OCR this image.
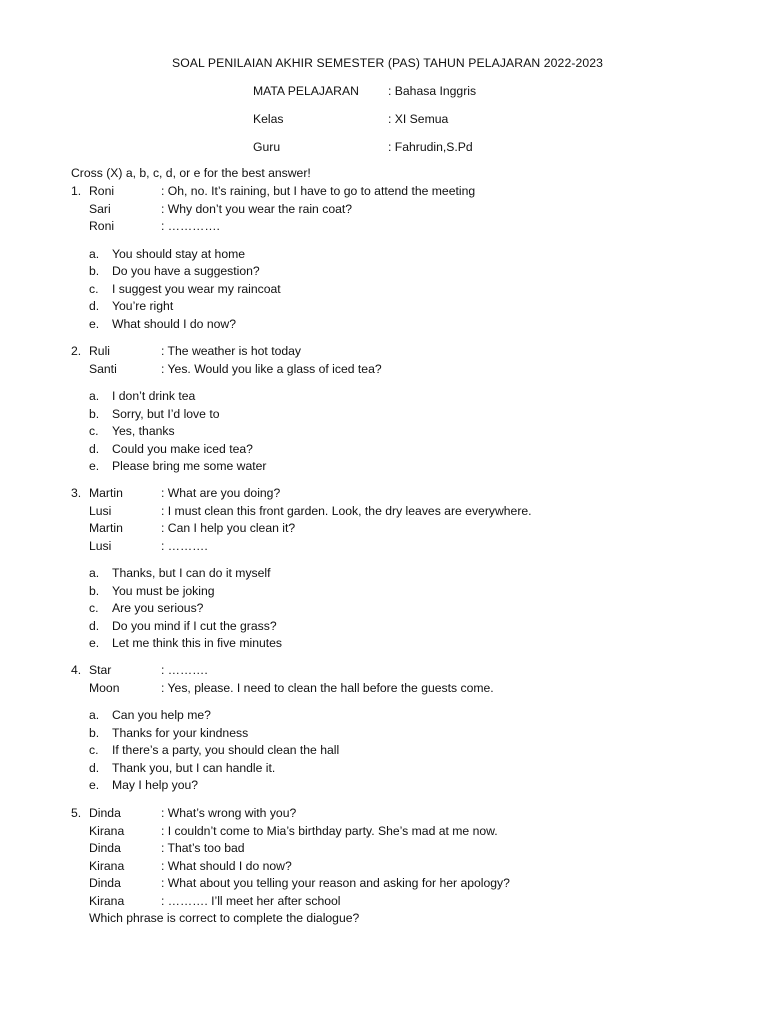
SOAL PENILAIAN AKHIR SEMESTER (PAS) TAHUN PELAJARAN 2022-2023
MATA PELAJARAN : Bahasa Inggris
Kelas	: XI Semua
Guru	: Fahrudin,S.Pd
Cross (X) a, b, c, d, or e for the best answer!
1. Roni	: Oh, no. It’s raining, but I have to go to attend the meeting
Sari	: Why don’t you wear the rain coat?
Roni	: ………….
a. You should stay at home
b. Do you have a suggestion?
c. I suggest you wear my raincoat
d. You’re right
e. What should I do now?
2. Ruli	: The weather is hot today
Santi	: Yes. Would you like a glass of iced tea?
a. I don’t drink tea
b. Sorry, but I’d love to
c. Yes, thanks
d. Could you make iced tea?
e. Please bring me some water
3. Martin	: What are you doing?
Lusi	: I must clean this front garden. Look, the dry leaves are everywhere.
Martin	: Can I help you clean it?
Lusi	: ……….
a. Thanks, but I can do it myself
b. You must be joking
c. Are you serious?
d. Do you mind if I cut the grass?
e. Let me think this in five minutes
4. Star	: ……….
Moon	: Yes, please. I need to clean the hall before the guests come.
a. Can you help me?
b. Thanks for your kindness
c. If there’s a party, you should clean the hall
d. Thank you, but I can handle it.
e. May I help you?
5. Dinda	: What’s wrong with you?
Kirana	: I couldn’t come to Mia’s birthday party. She’s mad at me now.
Dinda	: That’s too bad
Kirana	: What should I do now?
Dinda	: What about you telling your reason and asking for her apology?
Kirana	: ………. I’ll meet her after school
Which phrase is correct to complete the dialogue?
